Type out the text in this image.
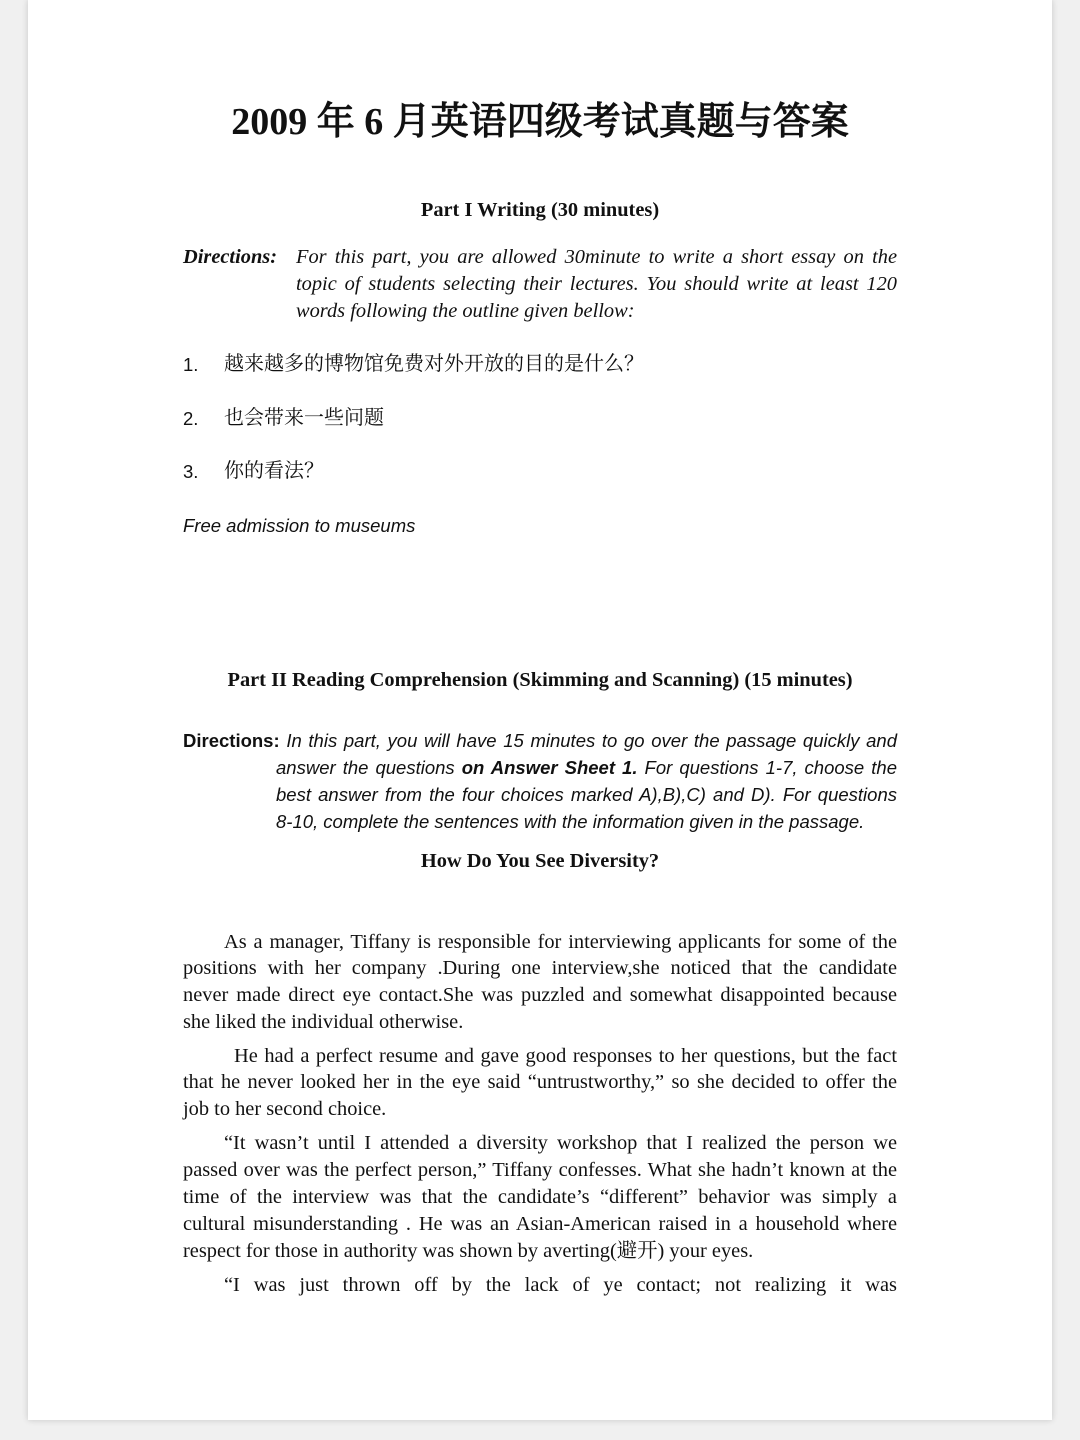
2009 年 6 月英语四级考试真题与答案
Part I Writing (30 minutes)
Directions: For this part, you are allowed 30minute to write a short essay on the
topic of students selecting their lectures. You should write at least 120
words following the outline given bellow:
1. 越来越多的博物馆免费对外开放的目的是什么？
2. 也会带来一些问题
3. 你的看法？
Free admission to museums
Part II Reading Comprehension (Skimming and Scanning) (15 minutes)
Directions: In this part, you will have 15 minutes to go over the passage quickly and
answer the questions on Answer Sheet 1. For questions 1-7, choose the
best answer from the four choices marked A),B),C) and D). For questions
8-10, complete the sentences with the information given in the passage.
How Do You See Diversity?
As a manager, Tiffany is responsible for interviewing applicants for some of the
positions with her company .During one interview,she noticed that the candidate
never made direct eye contact.She was puzzled and somewhat disappointed because
she liked the individual otherwise.
He had a perfect resume and gave good responses to her questions, but the fact
that he never looked her in the eye said “untrustworthy,” so she decided to offer the
job to her second choice.
“It wasn’t until I attended a diversity workshop that I realized the person we
passed over was the perfect person,” Tiffany confesses. What she hadn’t known at the
time of the interview was that the candidate’s “different” behavior was simply a
cultural misunderstanding . He was an Asian-American raised in a household where
respect for those in authority was shown by averting(避开) your eyes.
“I was just thrown off by the lack of ye contact; not realizing it was
